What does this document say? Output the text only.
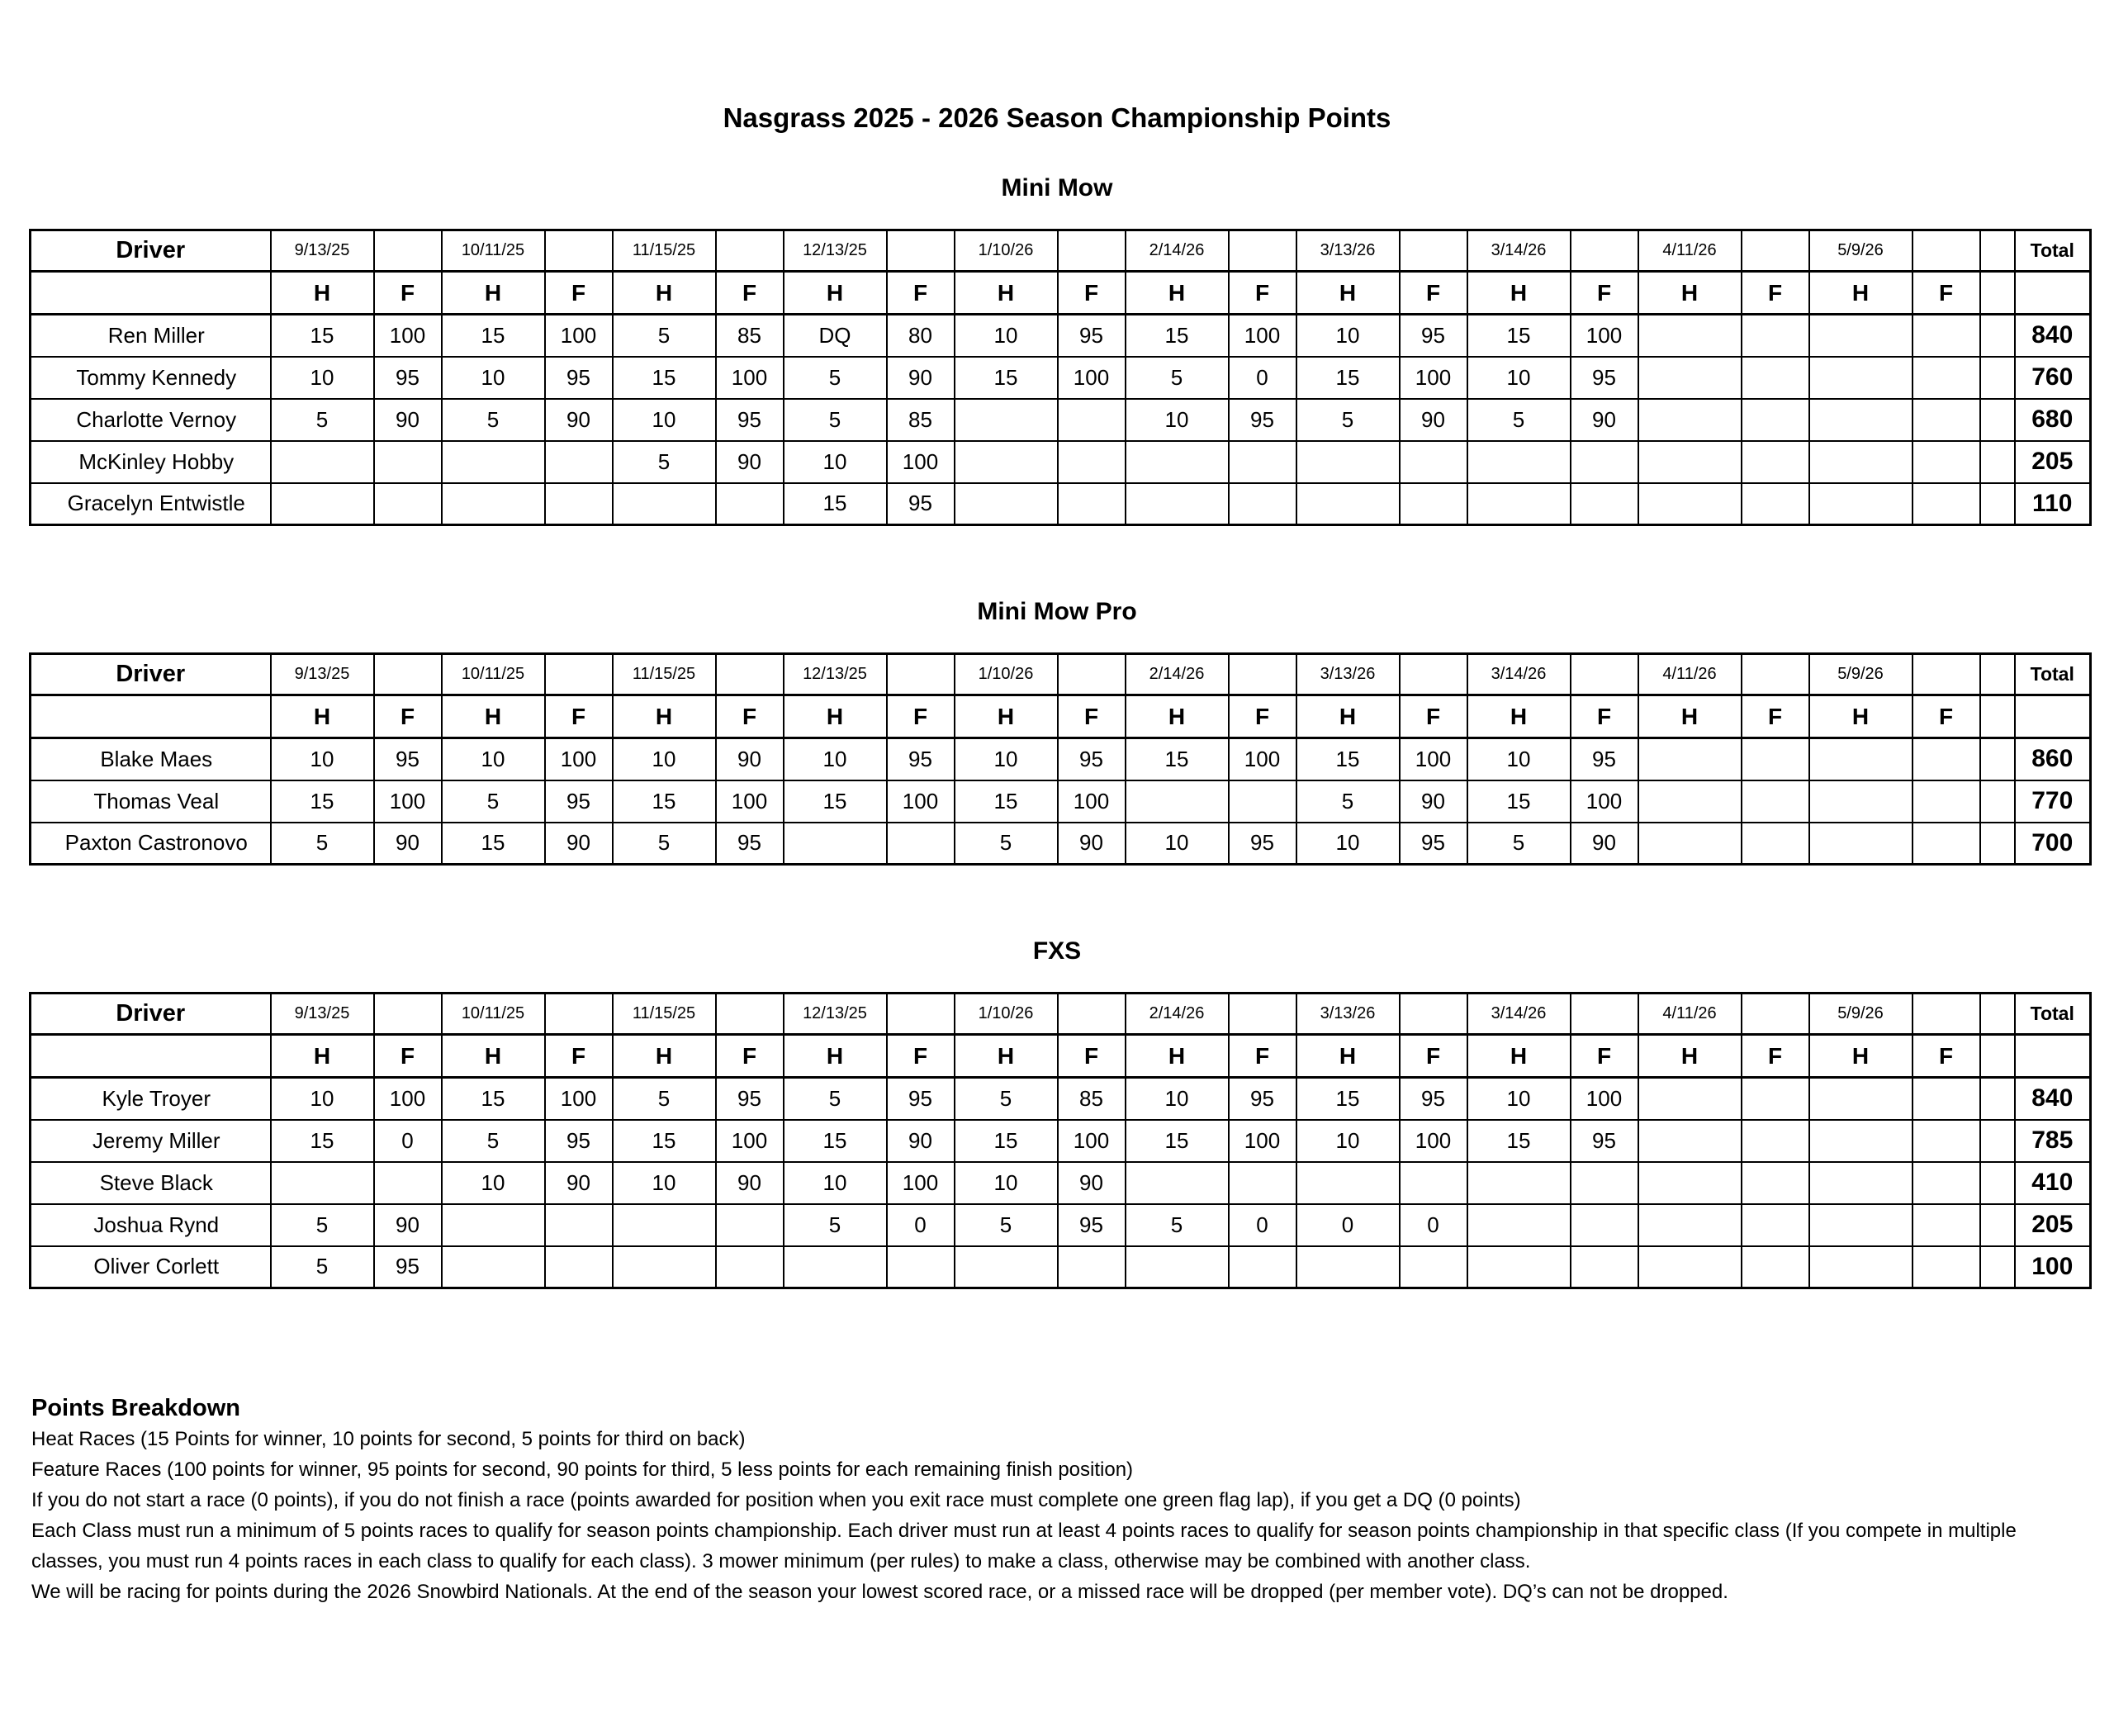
Nasgrass 2025 - 2026 Season Championship Points
Mini Mow
Driver	9/13/25		10/11/25		11/15/25		12/13/25		1/10/26		2/14/26		3/13/26		3/14/26		4/11/26		5/9/26			Total
	H	F	H	F	H	F	H	F	H	F	H	F	H	F	H	F	H	F	H	F		
Ren Miller	15	100	15	100	5	85	DQ	80	10	95	15	100	10	95	15	100						840
Tommy Kennedy	10	95	10	95	15	100	5	90	15	100	5	0	15	100	10	95						760
Charlotte Vernoy	5	90	5	90	10	95	5	85			10	95	5	90	5	90						680
McKinley Hobby					5	90	10	100														205
Gracelyn Entwistle							15	95														110
Mini Mow Pro
Driver	9/13/25		10/11/25		11/15/25		12/13/25		1/10/26		2/14/26		3/13/26		3/14/26		4/11/26		5/9/26			Total
	H	F	H	F	H	F	H	F	H	F	H	F	H	F	H	F	H	F	H	F		
Blake Maes	10	95	10	100	10	90	10	95	10	95	15	100	15	100	10	95						860
Thomas Veal	15	100	5	95	15	100	15	100	15	100			5	90	15	100						770
Paxton Castronovo	5	90	15	90	5	95			5	90	10	95	10	95	5	90						700
FXS
Driver	9/13/25		10/11/25		11/15/25		12/13/25		1/10/26		2/14/26		3/13/26		3/14/26		4/11/26		5/9/26			Total
	H	F	H	F	H	F	H	F	H	F	H	F	H	F	H	F	H	F	H	F		
Kyle Troyer	10	100	15	100	5	95	5	95	5	85	10	95	15	95	10	100						840
Jeremy Miller	15	0	5	95	15	100	15	90	15	100	15	100	10	100	15	95						785
Steve Black			10	90	10	90	10	100	10	90												410
Joshua Rynd	5	90					5	0	5	95	5	0	0	0								205
Oliver Corlett	5	95																				100
Points Breakdown

Heat Races (15 Points for winner, 10 points for second, 5 points for third on back)

Feature Races (100 points for winner, 95 points for second, 90 points for third, 5 less points for each remaining finish position)

If you do not start a race (0 points), if you do not finish a race (points awarded for position when you exit race must complete one green flag lap), if you get a DQ (0 points)

Each Class must run a minimum of 5 points races to qualify for season points championship. Each driver must run at least 4 points races to qualify for season points championship in that specific class (If you compete in multiple classes, you must run 4 points races in each class to qualify for each class). 3 mower minimum (per rules) to make a class, otherwise may be combined with another class.

We will be racing for points during the 2026 Snowbird Nationals. At the end of the season your lowest scored race, or a missed race will be dropped (per member vote). DQ’s can not be dropped.
